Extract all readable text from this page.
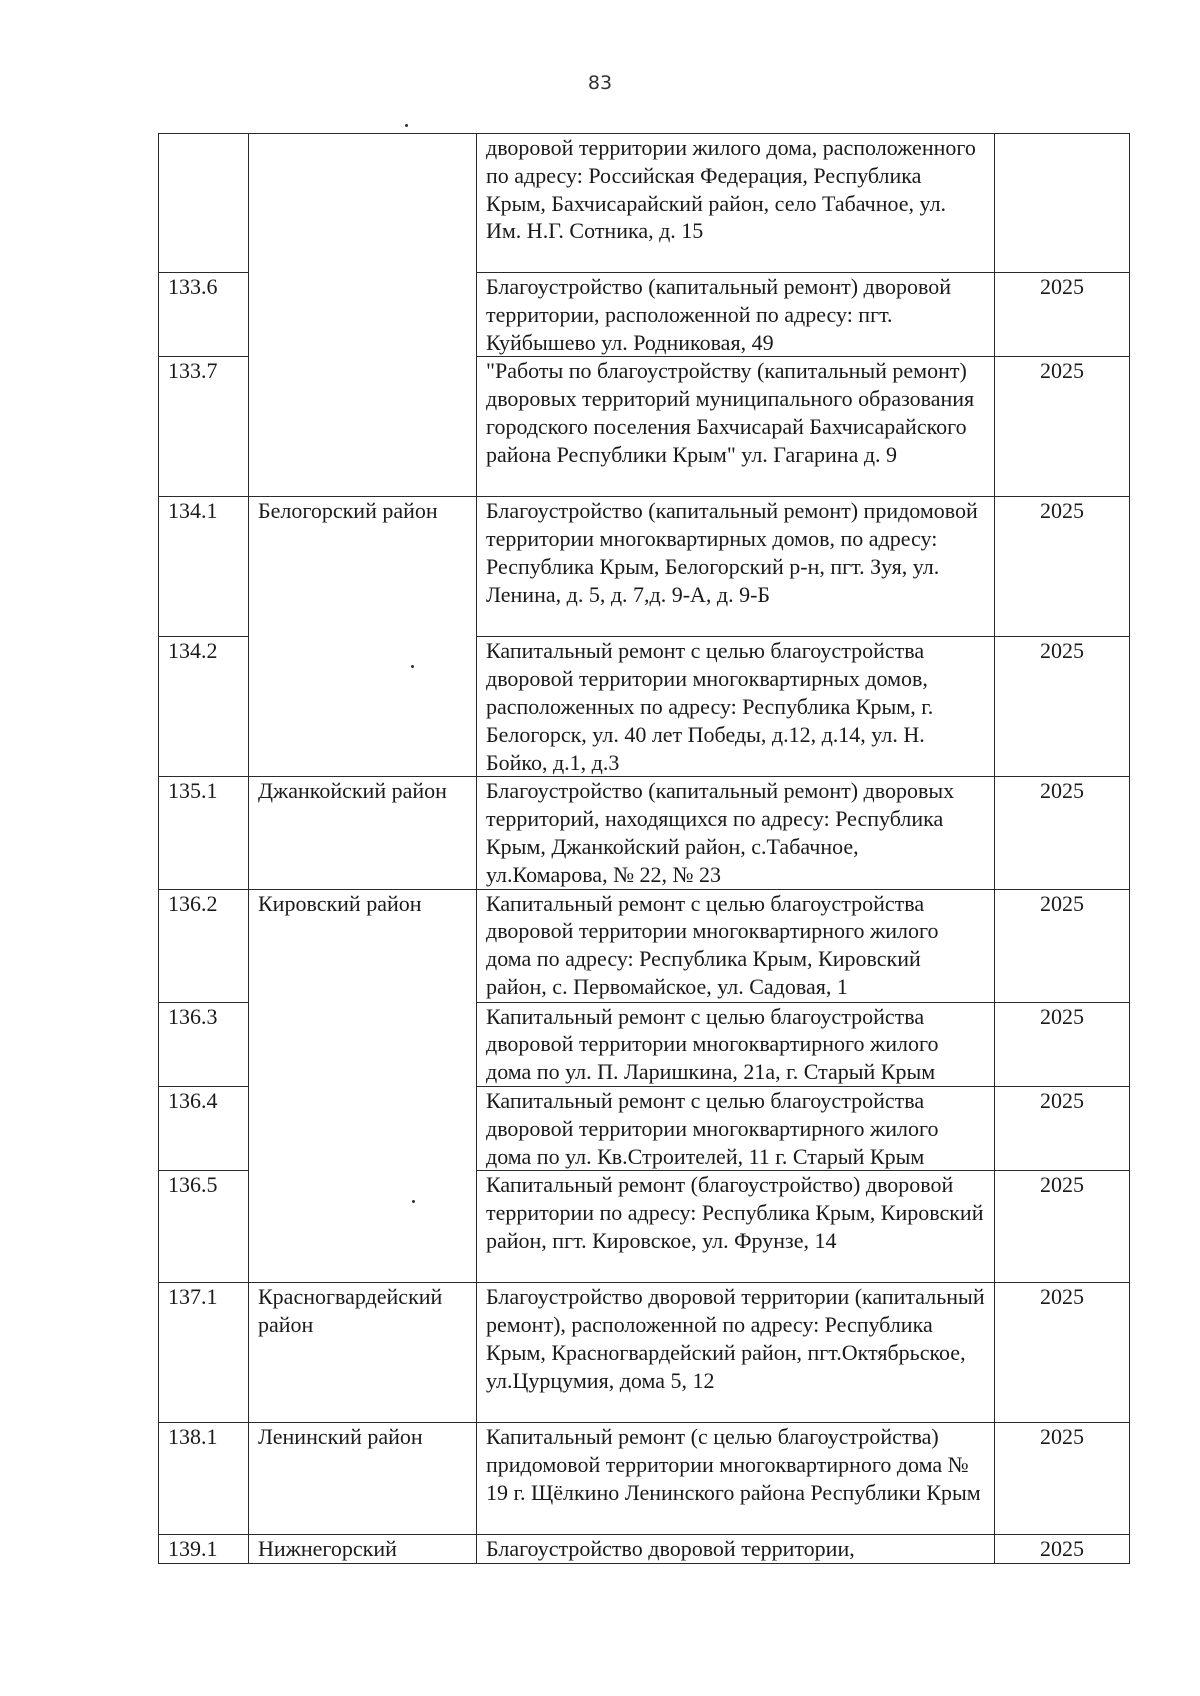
83
		дворовой территории жилого дома, расположенного по адресу: Российская Федерация, Республика Крым, Бахчисарайский район, село Табачное, ул. Им. Н.Г. Сотника, д. 15	
133.6		Благоустройство (капитальный ремонт) дворовой территории, расположенной по адресу: пгт. Куйбышево ул. Родниковая, 49	2025
133.7		"Работы по благоустройству (капитальный ремонт) дворовых территорий муниципального образования городского поселения Бахчисарай Бахчисарайского района Республики Крым" ул. Гагарина д. 9	2025
134.1	Белогорский район	Благоустройство (капитальный ремонт) придомовой территории многоквартирных домов, по адресу: Республика Крым, Белогорский р-н, пгт. Зуя, ул. Ленина, д. 5, д. 7,д. 9-А, д. 9-Б	2025
134.2		Капитальный ремонт с целью благоустройства дворовой территории многоквартирных домов, расположенных по адресу: Республика Крым, г. Белогорск, ул. 40 лет Победы, д.12, д.14, ул. Н. Бойко, д.1, д.3	2025
135.1	Джанкойский район	Благоустройство (капитальный ремонт) дворовых территорий, находящихся по адресу: Республика Крым, Джанкойский район, с.Табачное, ул.Комарова, № 22, № 23	2025
136.2	Кировский район	Капитальный ремонт с целью благоустройства дворовой территории многоквартирного жилого дома по адресу: Республика Крым, Кировский район, с. Первомайское, ул. Садовая, 1	2025
136.3		Капитальный ремонт с целью благоустройства дворовой территории многоквартирного жилого дома по ул. П. Ларишкина, 21а, г. Старый Крым	2025
136.4		Капитальный ремонт с целью благоустройства дворовой территории многоквартирного жилого дома по ул. Кв.Строителей, 11 г. Старый Крым	2025
136.5		Капитальный ремонт (благоустройство) дворовой территории по адресу: Республика Крым, Кировский район, пгт. Кировское, ул. Фрунзе, 14	2025
137.1	Красногвардейский район	Благоустройство дворовой территории (капитальный ремонт), расположенной по адресу: Республика Крым, Красногвардейский район, пгт.Октябрьское, ул.Цурцумия, дома 5, 12	2025
138.1	Ленинский район	Капитальный ремонт (с целью благоустройства) придомовой территории многоквартирного дома № 19 г. Щёлкино Ленинского района Республики Крым	2025
139.1	Нижнегорский	Благоустройство дворовой территории,	2025
